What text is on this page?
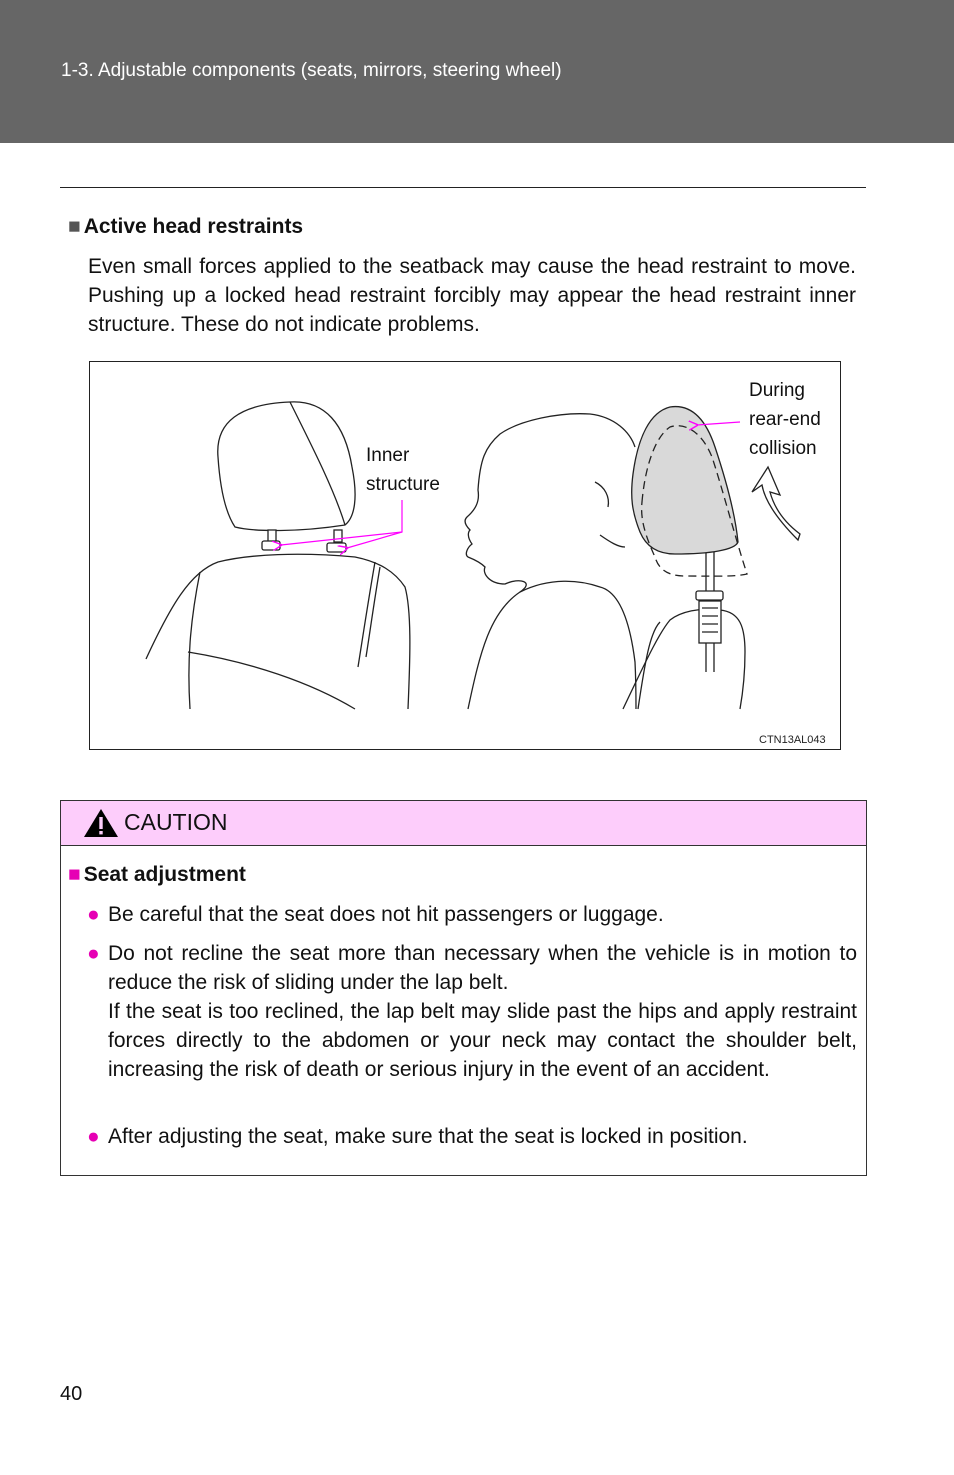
1-3. Adjustable components (seats, mirrors, steering wheel)
■ Active head restraints
Even small forces applied to the seatback may cause the head restraint to move. Pushing up a locked head restraint forcibly may appear the head restraint inner structure. These do not indicate problems.
Inner
structure
During
rear-end
collision
CTN13AL043
CAUTION
■ Seat adjustment
● Be careful that the seat does not hit passengers or luggage.
● Do not recline the seat more than necessary when the vehicle is in motion to reduce the risk of sliding under the lap belt.

If the seat is too reclined, the lap belt may slide past the hips and apply restraint forces directly to the abdomen or your neck may contact the shoulder belt, increasing the risk of death or serious injury in the event of an accident.

● After adjusting the seat, make sure that the seat is locked in position.
40
